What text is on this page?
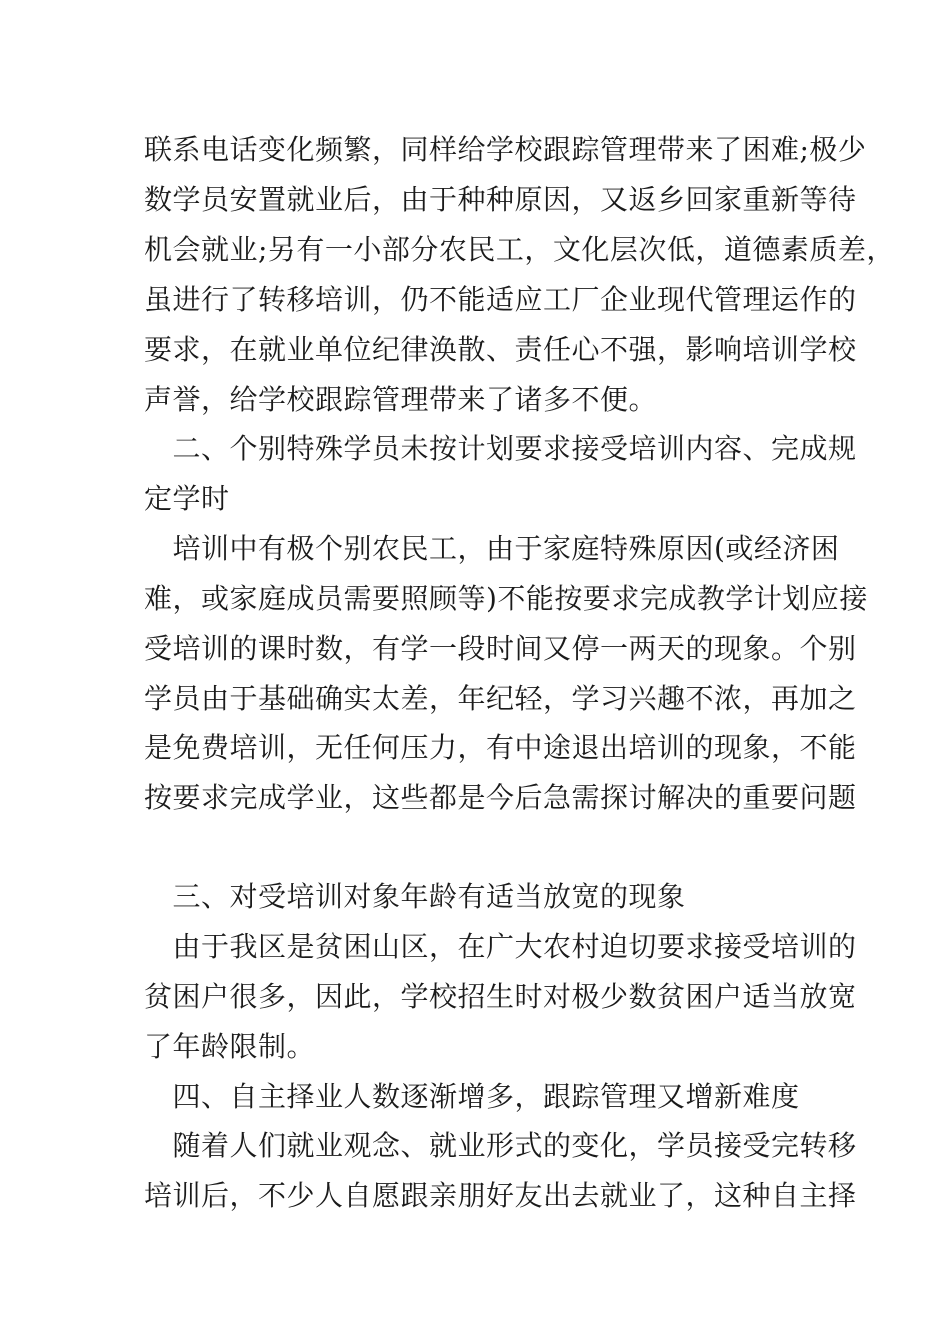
联系电话变化频繁，同样给学校跟踪管理带来了困难;极少
数学员安置就业后，由于种种原因，又返乡回家重新等待
机会就业;另有一小部分农民工，文化层次低，道德素质差，
虽进行了转移培训，仍不能适应工厂企业现代管理运作的
要求，在就业单位纪律涣散、责任心不强，影响培训学校
声誉，给学校跟踪管理带来了诸多不便。
　二、个别特殊学员未按计划要求接受培训内容、完成规
定学时
　培训中有极个别农民工，由于家庭特殊原因(或经济困
难，或家庭成员需要照顾等)不能按要求完成教学计划应接
受培训的课时数，有学一段时间又停一两天的现象。个别
学员由于基础确实太差，年纪轻，学习兴趣不浓，再加之
是免费培训，无任何压力，有中途退出培训的现象，不能
按要求完成学业，这些都是今后急需探讨解决的重要问题
　三、对受培训对象年龄有适当放宽的现象
　由于我区是贫困山区，在广大农村迫切要求接受培训的
贫困户很多，因此，学校招生时对极少数贫困户适当放宽
了年龄限制。
　四、自主择业人数逐渐增多，跟踪管理又增新难度
　随着人们就业观念、就业形式的变化，学员接受完转移
培训后，不少人自愿跟亲朋好友出去就业了，这种自主择
